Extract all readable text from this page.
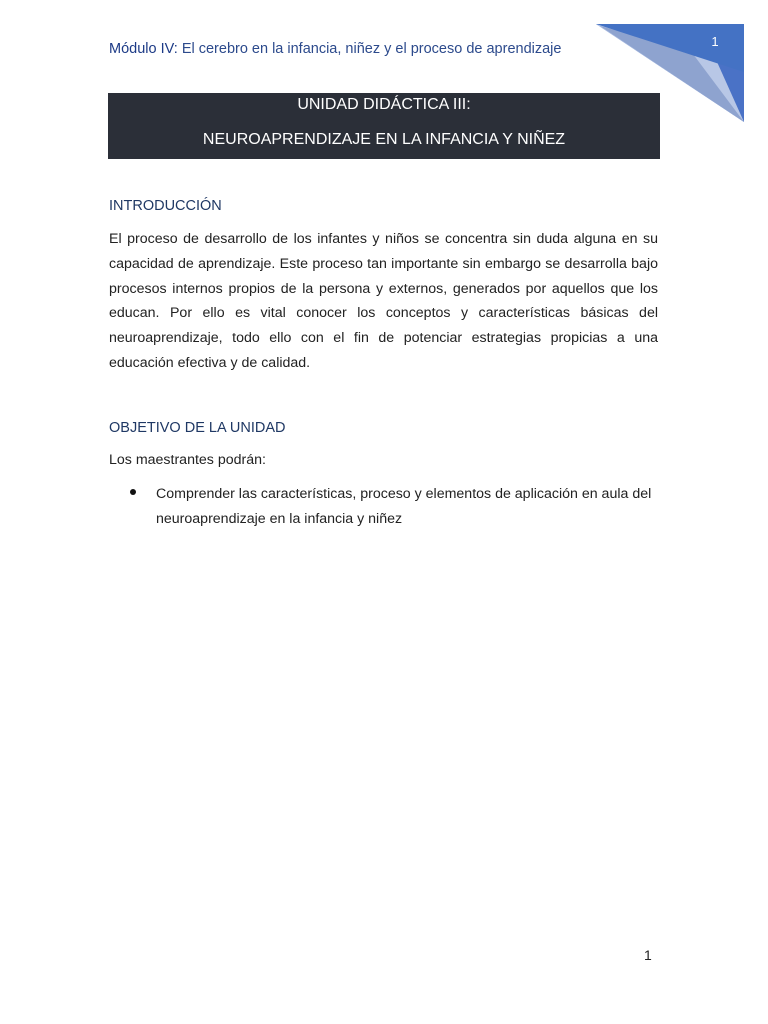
1
Módulo IV: El cerebro en la infancia, niñez y el proceso de aprendizaje
UNIDAD DIDÁCTICA III:
NEUROAPRENDIZAJE EN LA INFANCIA Y NIÑEZ
INTRODUCCIÓN
El proceso de desarrollo de los infantes y niños se concentra sin duda alguna en su capacidad de aprendizaje. Este proceso tan importante sin embargo se desarrolla bajo procesos internos propios de la persona y externos, generados por aquellos que los educan. Por ello es vital conocer los conceptos y características básicas del neuroaprendizaje, todo ello con el fin de potenciar estrategias propicias a una educación efectiva y de calidad.
OBJETIVO DE LA UNIDAD
Los maestrantes podrán:
Comprender las características, proceso y elementos de aplicación en aula del neuroaprendizaje en la infancia y niñez
1
